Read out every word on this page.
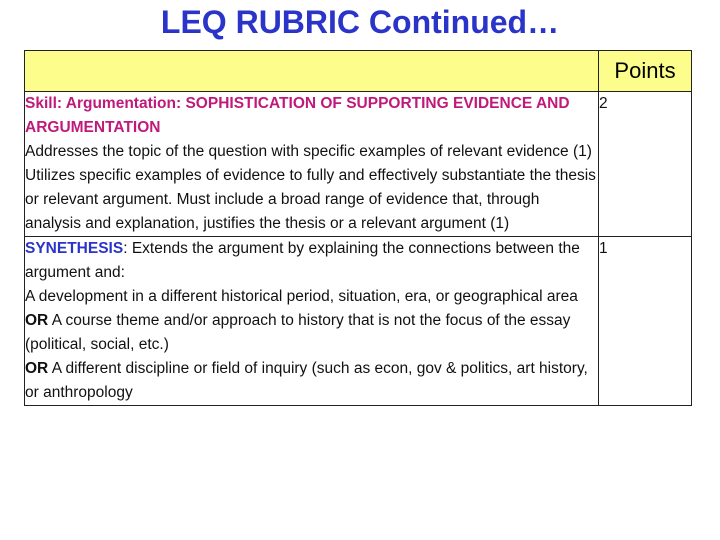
LEQ RUBRIC Continued…
	Points

Skill: Argumentation: SOPHISTICATION OF SUPPORTING EVIDENCE AND ARGUMENTATION
Addresses the topic of the question with specific examples of relevant evidence (1)
Utilizes specific examples of evidence to fully and effectively substantiate the thesis or relevant argument. Must include a broad range of evidence that, through analysis and explanation, justifies the thesis or a relevant argument (1)	2

SYNETHESIS: Extends the argument by explaining the connections between the argument and:
A development in a different historical period, situation, era, or geographical area
OR A course theme and/or approach to history that is not the focus of the essay (political, social, etc.)
OR A different discipline or field of inquiry (such as econ, gov & politics, art history, or anthropology	1
